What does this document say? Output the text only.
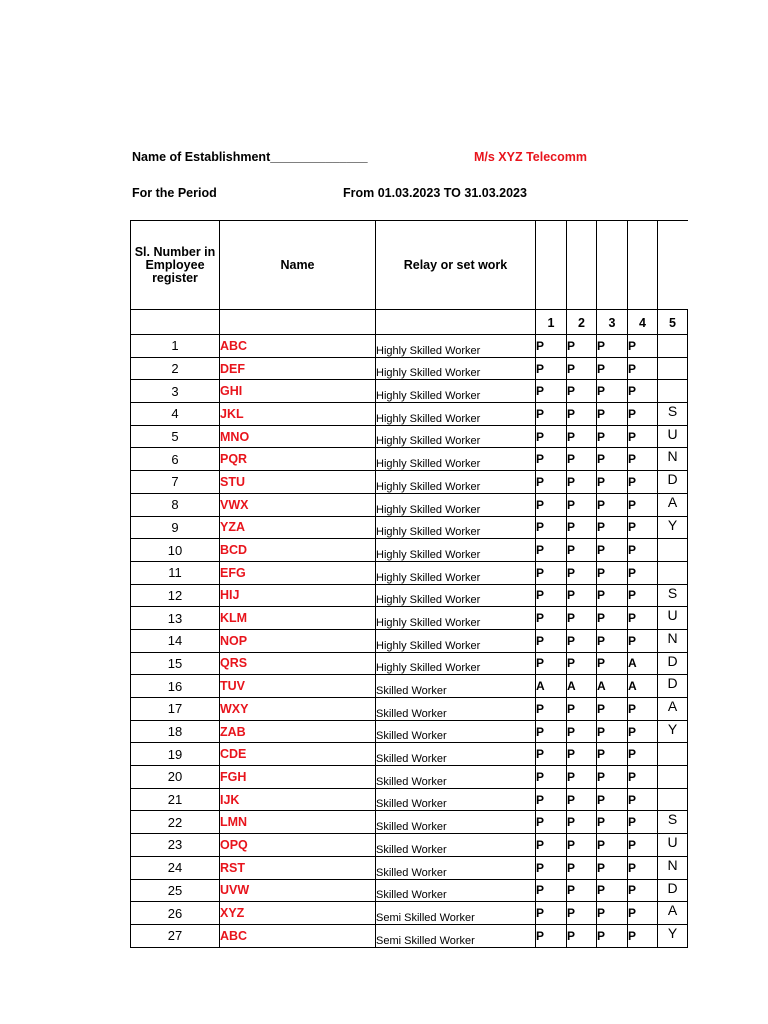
Name of Establishment______________	M/s XYZ Telecomm
For the Period	From 01.03.2023 TO 31.03.2023
Sl. Number in Employee register	Name	Relay or set work					
			1	2	3	4	5
1	ABC	Highly Skilled Worker	P	P	P	P	
2	DEF	Highly Skilled Worker	P	P	P	P	
3	GHI	Highly Skilled Worker	P	P	P	P	
4	JKL	Highly Skilled Worker	P	P	P	P	S
5	MNO	Highly Skilled Worker	P	P	P	P	U
6	PQR	Highly Skilled Worker	P	P	P	P	N
7	STU	Highly Skilled Worker	P	P	P	P	D
8	VWX	Highly Skilled Worker	P	P	P	P	A
9	YZA	Highly Skilled Worker	P	P	P	P	Y
10	BCD	Highly Skilled Worker	P	P	P	P	
11	EFG	Highly Skilled Worker	P	P	P	P	
12	HIJ	Highly Skilled Worker	P	P	P	P	S
13	KLM	Highly Skilled Worker	P	P	P	P	U
14	NOP	Highly Skilled Worker	P	P	P	P	N
15	QRS	Highly Skilled Worker	P	P	P	A	D
16	TUV	Skilled Worker	A	A	A	A	D
17	WXY	Skilled Worker	P	P	P	P	A
18	ZAB	Skilled Worker	P	P	P	P	Y
19	CDE	Skilled Worker	P	P	P	P	
20	FGH	Skilled Worker	P	P	P	P	
21	IJK	Skilled Worker	P	P	P	P	
22	LMN	Skilled Worker	P	P	P	P	S
23	OPQ	Skilled Worker	P	P	P	P	U
24	RST	Skilled Worker	P	P	P	P	N
25	UVW	Skilled Worker	P	P	P	P	D
26	XYZ	Semi Skilled Worker	P	P	P	P	A
27	ABC	Semi Skilled Worker	P	P	P	P	Y
